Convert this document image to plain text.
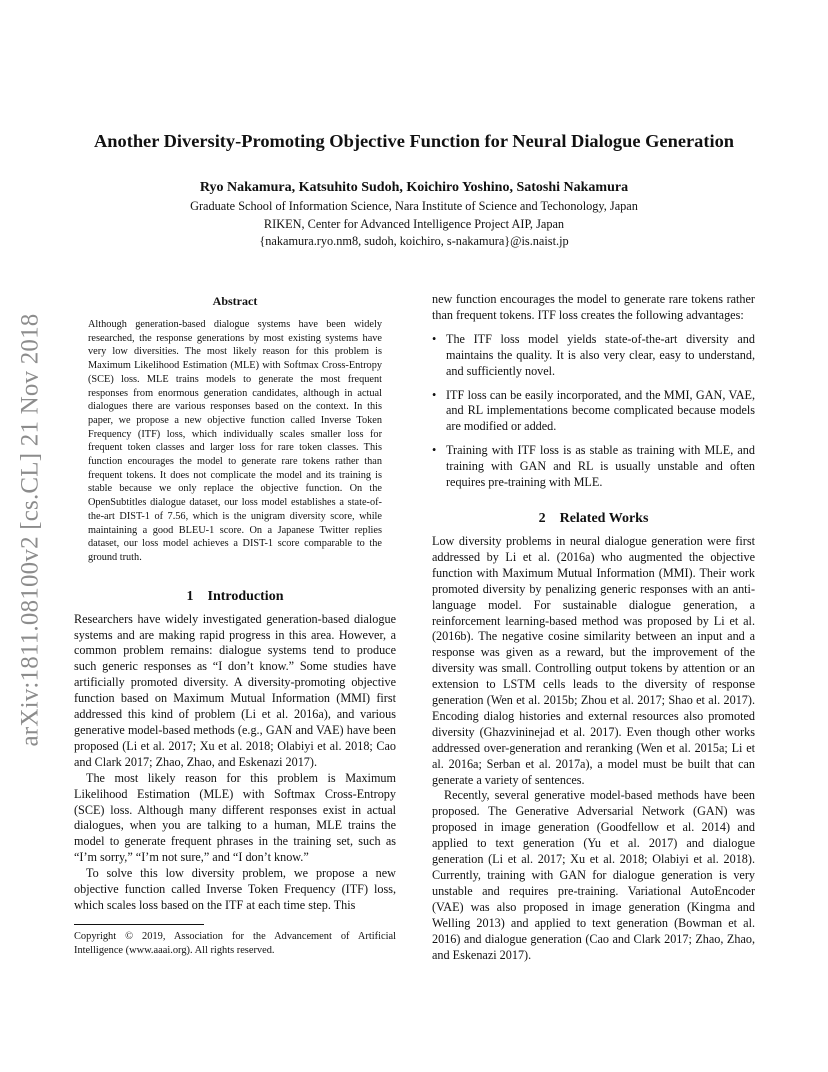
arXiv:1811.08100v2 [cs.CL] 21 Nov 2018
Another Diversity-Promoting Objective Function for Neural Dialogue Generation

Ryo Nakamura, Katsuhito Sudoh, Koichiro Yoshino, Satoshi Nakamura

Graduate School of Information Science, Nara Institute of Science and Techonology, Japan
RIKEN, Center for Advanced Intelligence Project AIP, Japan
{nakamura.ryo.nm8, sudoh, koichiro, s-nakamura}@is.naist.jp
Abstract

Although generation-based dialogue systems have been widely researched, the response generations by most existing systems have very low diversities. The most likely reason for this problem is Maximum Likelihood Estimation (MLE) with Softmax Cross-Entropy (SCE) loss. MLE trains models to generate the most frequent responses from enormous generation candidates, although in actual dialogues there are various responses based on the context. In this paper, we propose a new objective function called Inverse Token Frequency (ITF) loss, which individually scales smaller loss for frequent token classes and larger loss for rare token classes. This function encourages the model to generate rare tokens rather than frequent tokens. It does not complicate the model and its training is stable because we only replace the objective function. On the OpenSubtitles dialogue dataset, our loss model establishes a state-of-the-art DIST-1 of 7.56, which is the unigram diversity score, while maintaining a good BLEU-1 score. On a Japanese Twitter replies dataset, our loss model achieves a DIST-1 score comparable to the ground truth.

1 Introduction

Researchers have widely investigated generation-based dialogue systems and are making rapid progress in this area. However, a common problem remains: dialogue systems tend to produce such generic responses as “I don’t know.” Some studies have artificially promoted diversity. A diversity-promoting objective function based on Maximum Mutual Information (MMI) first addressed this kind of problem (Li et al. 2016a), and various generative model-based methods (e.g., GAN and VAE) have been proposed (Li et al. 2017; Xu et al. 2018; Olabiyi et al. 2018; Cao and Clark 2017; Zhao, Zhao, and Eskenazi 2017).

The most likely reason for this problem is Maximum Likelihood Estimation (MLE) with Softmax Cross-Entropy (SCE) loss. Although many different responses exist in actual dialogues, when you are talking to a human, MLE trains the model to generate frequent phrases in the training set, such as “I’m sorry,” “I’m not sure,” and “I don’t know.”

To solve this low diversity problem, we propose a new objective function called Inverse Token Frequency (ITF) loss, which scales loss based on the ITF at each time step. This

Copyright © 2019, Association for the Advancement of Artificial Intelligence (www.aaai.org). All rights reserved.

new function encourages the model to generate rare tokens rather than frequent tokens. ITF loss creates the following advantages:

• The ITF loss model yields state-of-the-art diversity and maintains the quality. It is also very clear, easy to understand, and sufficiently novel.
• ITF loss can be easily incorporated, and the MMI, GAN, VAE, and RL implementations become complicated because models are modified or added.
• Training with ITF loss is as stable as training with MLE, and training with GAN and RL is usually unstable and often requires pre-training with MLE.
2 Related Works

Low diversity problems in neural dialogue generation were first addressed by Li et al. (2016a) who augmented the objective function with Maximum Mutual Information (MMI). Their work promoted diversity by penalizing generic responses with an anti-language model. For sustainable dialogue generation, a reinforcement learning-based method was proposed by Li et al. (2016b). The negative cosine similarity between an input and a response was given as a reward, but the improvement of the diversity was small. Controlling output tokens by attention or an extension to LSTM cells leads to the diversity of response generation (Wen et al. 2015b; Zhou et al. 2017; Shao et al. 2017). Encoding dialog histories and external resources also promoted diversity (Ghazvininejad et al. 2017). Even though other works addressed over-generation and reranking (Wen et al. 2015a; Li et al. 2016a; Serban et al. 2017a), a model must be built that can generate a variety of sentences.

Recently, several generative model-based methods have been proposed. The Generative Adversarial Network (GAN) was proposed in image generation (Goodfellow et al. 2014) and applied to text generation (Yu et al. 2017) and dialogue generation (Li et al. 2017; Xu et al. 2018; Olabiyi et al. 2018). Currently, training with GAN for dialogue generation is very unstable and requires pre-training. Variational AutoEncoder (VAE) was also proposed in image generation (Kingma and Welling 2013) and applied to text generation (Bowman et al. 2016) and dialogue generation (Cao and Clark 2017; Zhao, Zhao, and Eskenazi 2017).
